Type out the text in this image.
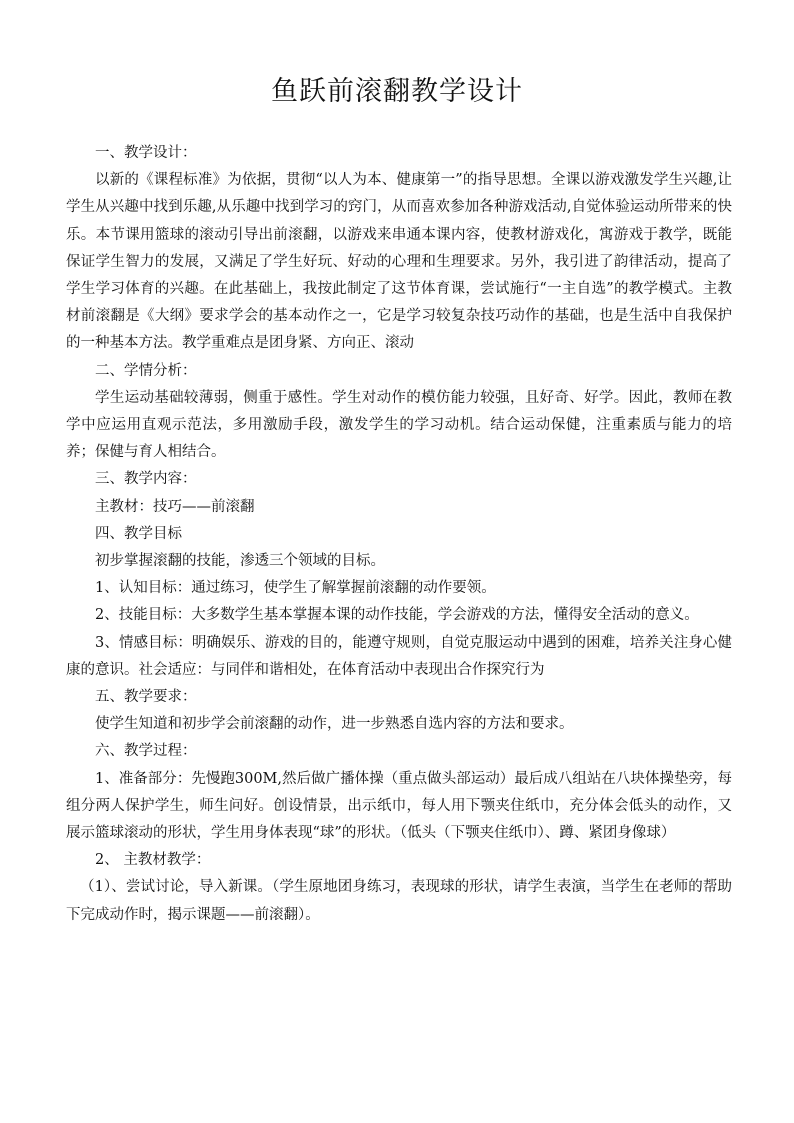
鱼跃前滚翻教学设计

一、教学设计：

以新的《课程标准》为依据，贯彻“以人为本、健康第一”的指导思想。全课以游戏激发学生兴趣,让学生从兴趣中找到乐趣,从乐趣中找到学习的窍门，从而喜欢参加各种游戏活动,自觉体验运动所带来的快乐。本节课用篮球的滚动引导出前滚翻，以游戏来串通本课内容，使教材游戏化，寓游戏于教学，既能保证学生智力的发展，又满足了学生好玩、好动的心理和生理要求。另外，我引进了韵律活动，提高了学生学习体育的兴趣。在此基础上，我按此制定了这节体育课，尝试施行“一主自选”的教学模式。主教材前滚翻是《大纲》要求学会的基本动作之一，它是学习较复杂技巧动作的基础，也是生活中自我保护的一种基本方法。教学重难点是团身紧、方向正、滚动

二、学情分析：

学生运动基础较薄弱，侧重于感性。学生对动作的模仿能力较强，且好奇、好学。因此，教师在教学中应运用直观示范法，多用激励手段，激发学生的学习动机。结合运动保健，注重素质与能力的培养；保健与育人相结合。

三、教学内容：

主教材：技巧——前滚翻

四、教学目标

初步掌握滚翻的技能，渗透三个领域的目标。

1、认知目标：通过练习，使学生了解掌握前滚翻的动作要领。

2、技能目标：大多数学生基本掌握本课的动作技能，学会游戏的方法，懂得安全活动的意义。

3、情感目标：明确娱乐、游戏的目的，能遵守规则，自觉克服运动中遇到的困难，培养关注身心健康的意识。社会适应：与同伴和谐相处，在体育活动中表现出合作探究行为

五、教学要求：

使学生知道和初步学会前滚翻的动作，进一步熟悉自选内容的方法和要求。

六、教学过程：

1、准备部分：先慢跑300M,然后做广播体操（重点做头部运动）最后成八组站在八块体操垫旁，每组分两人保护学生，师生问好。创设情景，出示纸巾，每人用下颚夹住纸巾，充分体会低头的动作，又展示篮球滚动的形状，学生用身体表现“球”的形状。（低头（下颚夹住纸巾）、蹲、紧团身像球）

2、 主教材教学：

（1）、尝试讨论，导入新课。（学生原地团身练习，表现球的形状，请学生表演，当学生在老师的帮助下完成动作时，揭示课题——前滚翻）。
